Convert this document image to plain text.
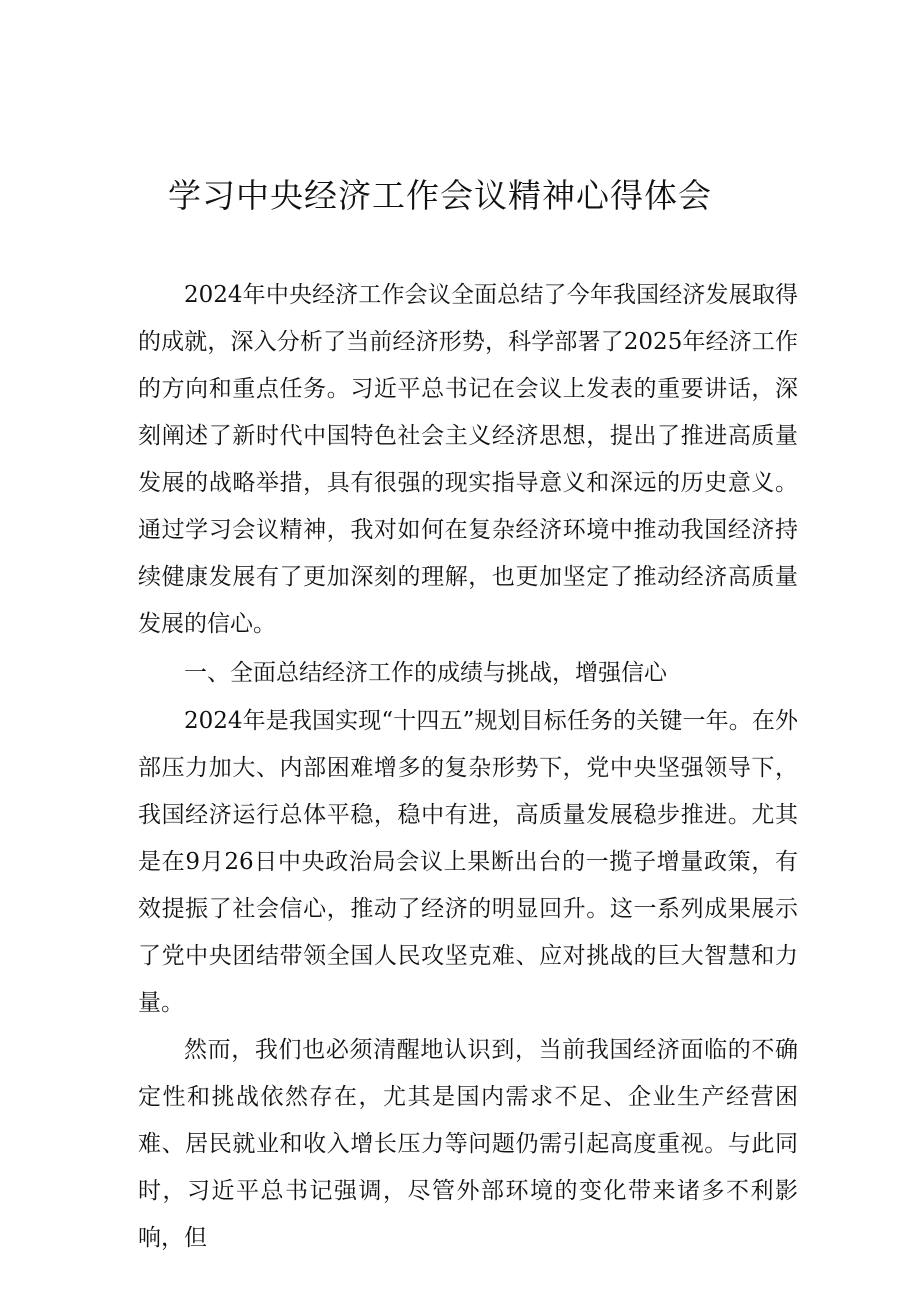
学习中央经济工作会议精神心得体会

2024年中央经济工作会议全面总结了今年我国经济发展取得的成就，深入分析了当前经济形势，科学部署了2025年经济工作的方向和重点任务。习近平总书记在会议上发表的重要讲话，深刻阐述了新时代中国特色社会主义经济思想，提出了推进高质量发展的战略举措，具有很强的现实指导意义和深远的历史意义。通过学习会议精神，我对如何在复杂经济环境中推动我国经济持续健康发展有了更加深刻的理解，也更加坚定了推动经济高质量发展的信心。

一、全面总结经济工作的成绩与挑战，增强信心

2024年是我国实现“十四五”规划目标任务的关键一年。在外部压力加大、内部困难增多的复杂形势下，党中央坚强领导下，我国经济运行总体平稳，稳中有进，高质量发展稳步推进。尤其是在9月26日中央政治局会议上果断出台的一揽子增量政策，有效提振了社会信心，推动了经济的明显回升。这一系列成果展示了党中央团结带领全国人民攻坚克难、应对挑战的巨大智慧和力量。

然而，我们也必须清醒地认识到，当前我国经济面临的不确定性和挑战依然存在，尤其是国内需求不足、企业生产经营困难、居民就业和收入增长压力等问题仍需引起高度重视。与此同时，习近平总书记强调，尽管外部环境的变化带来诸多不利影响，但
